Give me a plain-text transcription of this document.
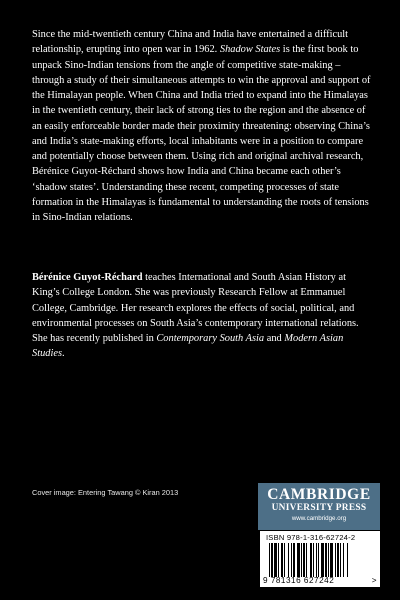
Since the mid-twentieth century China and India have entertained a difficult relationship, erupting into open war in 1962. Shadow States is the first book to unpack Sino-Indian tensions from the angle of competitive state-making – through a study of their simultaneous attempts to win the approval and support of the Himalayan people. When China and India tried to expand into the Himalayas in the twentieth century, their lack of strong ties to the region and the absence of an easily enforceable border made their proximity threatening: observing China’s and India’s state-making efforts, local inhabitants were in a position to compare and potentially choose between them. Using rich and original archival research, Bérénice Guyot-Réchard shows how India and China became each other’s ‘shadow states’. Understanding these recent, competing processes of state formation in the Himalayas is fundamental to understanding the roots of tensions in Sino-Indian relations.

Bérénice Guyot-Réchard teaches International and South Asian History at King’s College London. She was previously Research Fellow at Emmanuel College, Cambridge. Her research explores the effects of social, political, and environmental processes on South Asia’s contemporary international relations. She has recently published in Contemporary South Asia and Modern Asian Studies.

Cover image: Entering Tawang © Kiran 2013	CAMBRIDGE
UNIVERSITY PRESS
www.cambridge.org
ISBN 978-1-316-62724-2
9 781316 627242	>
